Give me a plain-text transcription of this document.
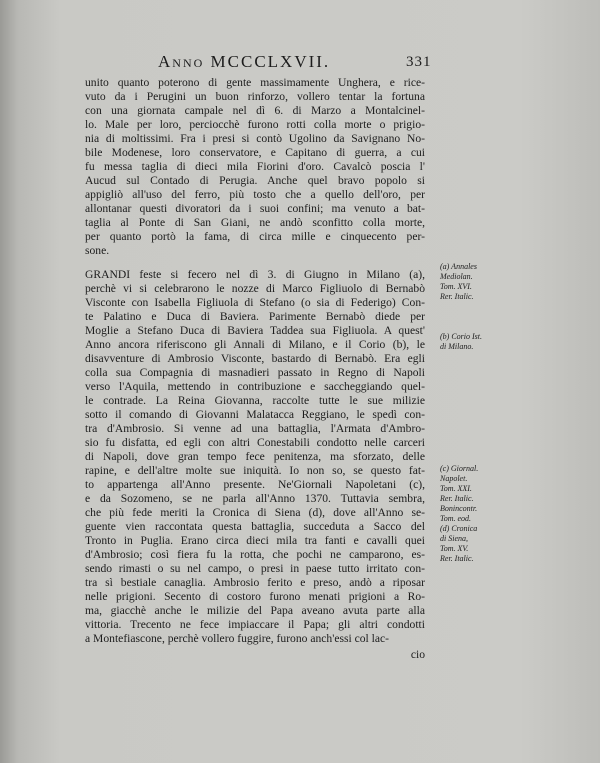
ANNO MCCCLXVII.	331
unito quanto poterono di gente massimamente Unghera, e rice-
vuto da i Perugini un buon rinforzo, vollero tentar la fortuna
con una giornata campale nel dì 6. di Marzo a Montalcinel-
lo. Male per loro, perciocchè furono rotti colla morte o prigio-
nia di moltissimi. Fra i presi si contò Ugolino da Savignano No-
bile Modenese, loro conservatore, e Capitano di guerra, a cui
fu messa taglia di dieci mila Fiorini d'oro. Cavalcò poscia l'
Aucud sul Contado di Perugia. Anche quel bravo popolo si
appigliò all'uso del ferro, più tosto che a quello dell'oro, per
allontanar questi divoratori da i suoi confini; ma venuto a bat-
taglia al Ponte di San Giani, ne andò sconfitto colla morte,
per quanto portò la fama, di circa mille e cinquecento per-
sone.
GRANDI feste si fecero nel dì 3. di Giugno in Milano (a),
perchè vi si celebrarono le nozze di Marco Figliuolo di Bernabò
Visconte con Isabella Figliuola di Stefano (o sia di Federigo) Con-
te Palatino e Duca di Baviera. Parimente Bernabò diede per
Moglie a Stefano Duca di Baviera Taddea sua Figliuola. A quest'
Anno ancora riferiscono gli Annali di Milano, e il Corio (b), le
disavventure di Ambrosio Visconte, bastardo di Bernabò. Era egli
colla sua Compagnia di masnadieri passato in Regno di Napoli
verso l'Aquila, mettendo in contribuzione e saccheggiando quel-
le contrade. La Reina Giovanna, raccolte tutte le sue milizie
sotto il comando di Giovanni Malatacca Reggiano, le spedì con-
tra d'Ambrosio. Si venne ad una battaglia, l'Armata d'Ambro-
sio fu disfatta, ed egli con altri Conestabili condotto nelle carceri
di Napoli, dove gran tempo fece penitenza, ma sforzato, delle
rapine, e dell'altre molte sue iniquità. Io non so, se questo fat-
to appartenga all'Anno presente. Ne'Giornali Napoletani (c),
e da Sozomeno, se ne parla all'Anno 1370. Tuttavia sembra,
che più fede meriti la Cronica di Siena (d), dove all'Anno se-
guente vien raccontata questa battaglia, succeduta a Sacco del
Tronto in Puglia. Erano circa dieci mila tra fanti e cavalli quei
d'Ambrosio; così fiera fu la rotta, che pochi ne camparono, es-
sendo rimasti o su nel campo, o presi in paese tutto irritato con-
tra sì bestiale canaglia. Ambrosio ferito e preso, andò a riposar
nelle prigioni. Secento di costoro furono menati prigioni a Ro-
ma, giacchè anche le milizie del Papa aveano avuta parte alla
vittoria. Trecento ne fece impiaccare il Papa; gli altri condotti
a Montefiascone, perchè vollero fuggire, furono anch'essi col lac-
cio
(a) Annales
Mediolan.
Tom. XVI.
Rer. Italic.
(b) Corio Ist.
di Milano.
(c) Giornal.
Napolet.
Tom. XXI.
Rer. Italic.
Bonincontr.
Tom. eod.
(d) Cronica
di Siena,
Tom. XV.
Rer. Italic.
